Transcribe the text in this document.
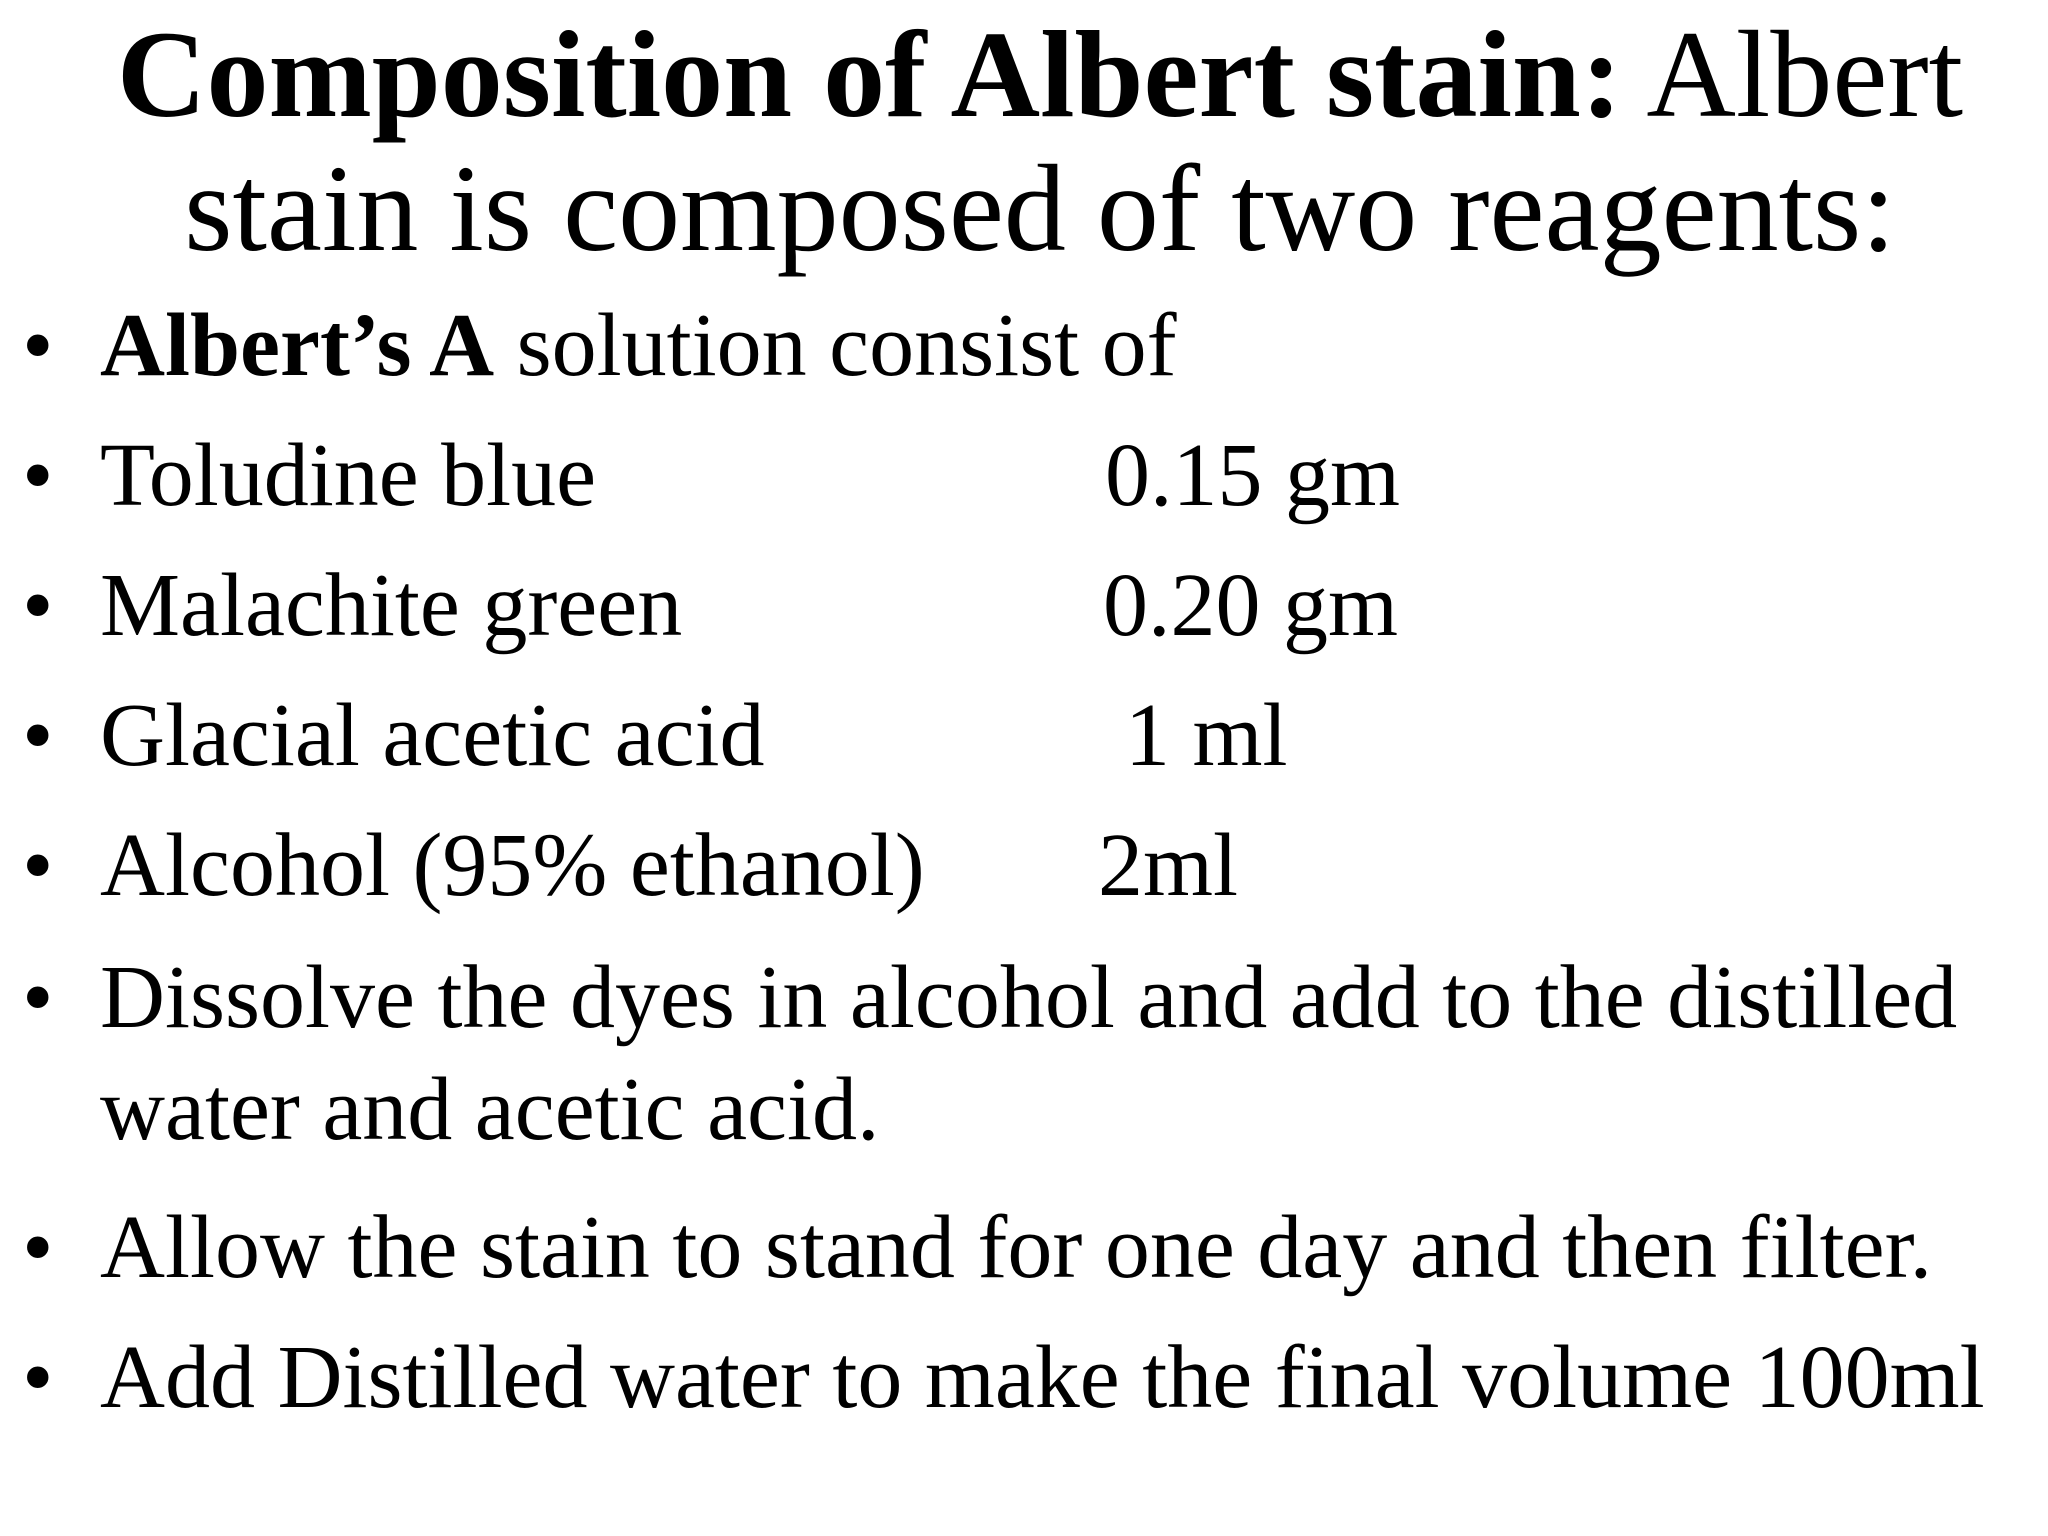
Composition of Albert stain: Albert stain is composed of two reagents:
• Albert’s A solution consist of
• Toludine blue	0.15 gm
• Malachite green	0.20 gm
• Glacial acetic acid	1 ml
• Alcohol (95% ethanol) 2ml
• Dissolve the dyes in alcohol and add to the distilled water and acetic acid.
• Allow the stain to stand for one day and then filter.
• Add Distilled water to make the final volume 100ml
